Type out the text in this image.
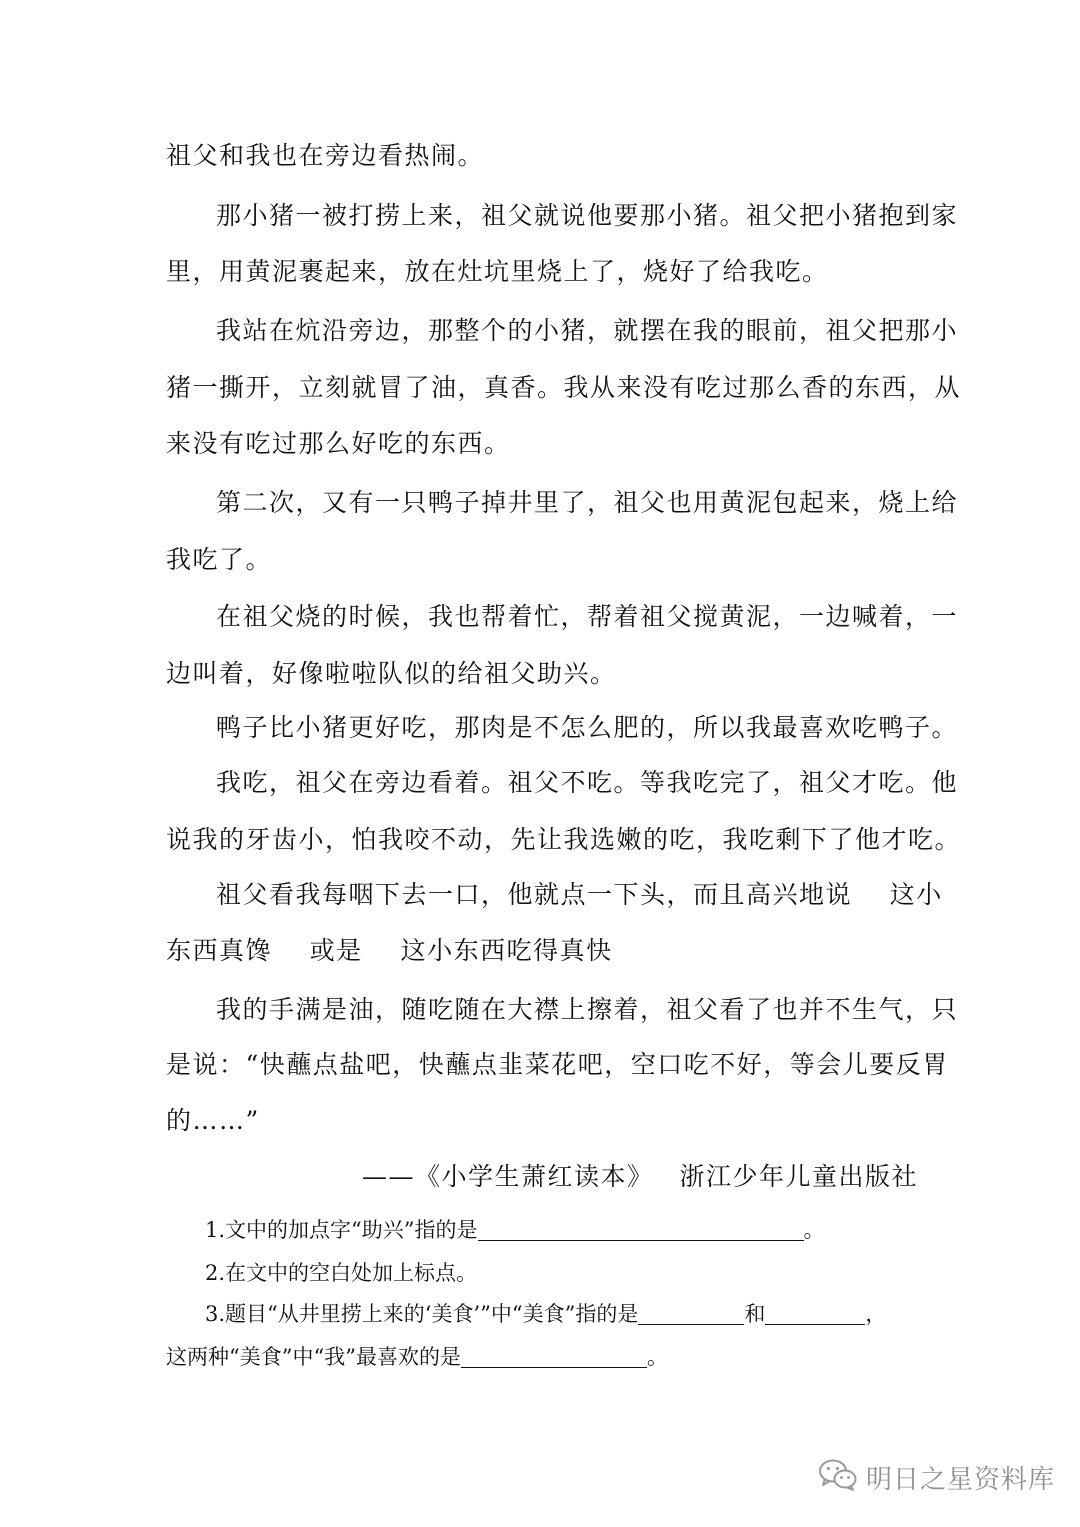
祖父和我也在旁边看热闹。
那小猪一被打捞上来，祖父就说他要那小猪。祖父把小猪抱到家
里，用黄泥裹起来，放在灶坑里烧上了，烧好了给我吃。
我站在炕沿旁边，那整个的小猪，就摆在我的眼前，祖父把那小
猪一撕开，立刻就冒了油，真香。我从来没有吃过那么香的东西，从
来没有吃过那么好吃的东西。
第二次，又有一只鸭子掉井里了，祖父也用黄泥包起来，烧上给
我吃了。
在祖父烧的时候，我也帮着忙，帮着祖父搅黄泥，一边喊着，一
边叫着，好像啦啦队似的给祖父助兴。
鸭子比小猪更好吃，那肉是不怎么肥的，所以我最喜欢吃鸭子。
我吃，祖父在旁边看着。祖父不吃。等我吃完了，祖父才吃。他
说我的牙齿小，怕我咬不动，先让我选嫩的吃，我吃剩下了他才吃。
祖父看我每咽下去一口，他就点一下头，而且高兴地说    这小
东西真馋    或是    这小东西吃得真快
我的手满是油，随吃随在大襟上擦着，祖父看了也并不生气，只
是说：“快蘸点盐吧，快蘸点韭菜花吧，空口吃不好，等会儿要反胃
的……”
——《小学生萧红读本》 浙江少年儿童出版社
1.文中的加点字“助兴”指的是	。
2.在文中的空白处加上标点。
3.题目“从井里捞上来的‘美食’”中“美食”指的是	和	，
这两种“美食”中“我”最喜欢的是	。
明日之星资料库
